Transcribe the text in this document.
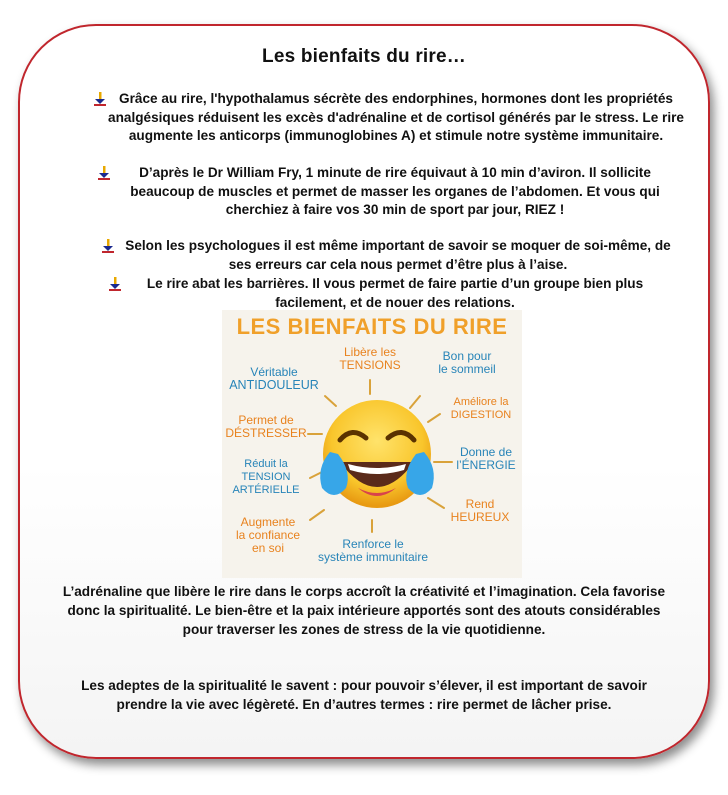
Les bienfaits du rire…
Grâce au rire, l'hypothalamus sécrète des endorphines, hormones dont les propriétés analgésiques réduisent les excès d'adrénaline et de cortisol générés par le stress. Le rire augmente les anticorps (immunoglobines A) et stimule notre système immunitaire.
D’après le Dr William Fry, 1 minute de rire équivaut à 10 min d’aviron. Il sollicite beaucoup de muscles et permet de masser les organes de l’abdomen. Et vous qui cherchiez à faire vos 30 min de sport par jour, RIEZ !
Selon les psychologues il est même important de savoir se moquer de soi-même, de ses erreurs car cela nous permet d’être plus à l’aise.
Le rire abat les barrières. Il vous permet de faire partie d’un groupe bien plus facilement, et de nouer des relations.
LES BIENFAITS DU RIRE
Véritable
ANTIDOULEUR
Libère les
TENSIONS
Bon pour
le sommeil
Permet de
DÉSTRESSER
Améliore la
DIGESTION
Réduit la
TENSION
ARTÉRIELLE
Donne de
l’ÉNERGIE
Rend
HEUREUX
Augmente
la confiance
en soi	Renforce le
système immunitaire
L’adrénaline que libère le rire dans le corps accroît la créativité et l’imagination. Cela favorise donc la spiritualité. Le bien-être et la paix intérieure apportés sont des atouts considérables pour traverser les zones de stress de la vie quotidienne.
Les adeptes de la spiritualité le savent : pour pouvoir s’élever, il est important de savoir prendre la vie avec légèreté. En d’autres termes : rire permet de lâcher prise.
